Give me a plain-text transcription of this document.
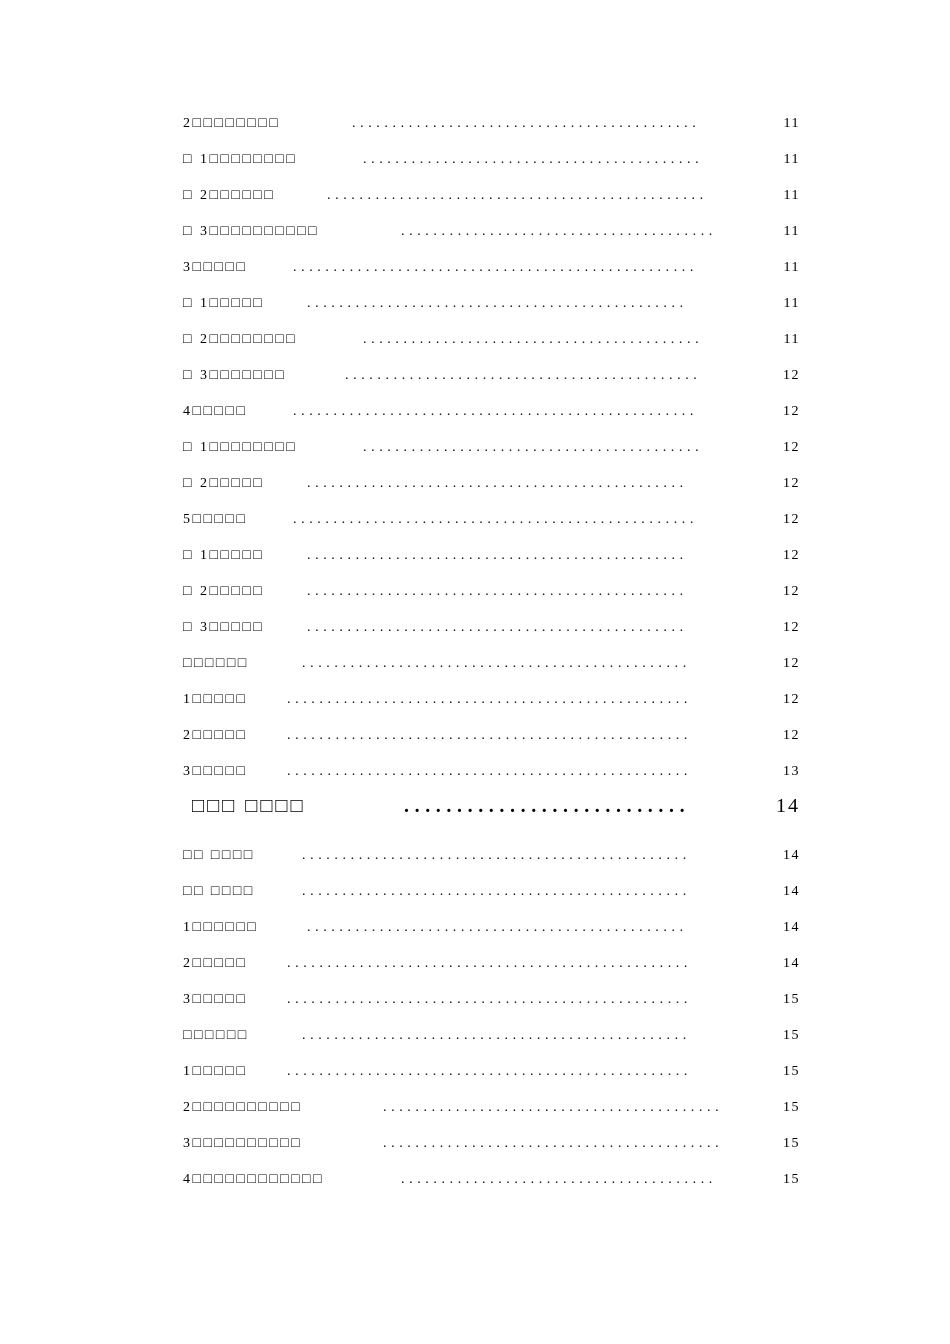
2□□□□□□□□	...........................................	11
□ 1□□□□□□□□	..........................................	11
□ 2□□□□□□	...............................................	11
□ 3□□□□□□□□□□	.......................................	11
3□□□□□	..................................................	11
□ 1□□□□□	...............................................	11
□ 2□□□□□□□□	..........................................	11
□ 3□□□□□□□	............................................	12
4□□□□□	..................................................	12
□ 1□□□□□□□□	..........................................	12
□ 2□□□□□	...............................................	12
5□□□□□	..................................................	12
□ 1□□□□□	...............................................	12
□ 2□□□□□	...............................................	12
□ 3□□□□□	...............................................	12
□□□□□□	................................................	12
1□□□□□	..................................................	12
2□□□□□	..................................................	12
3□□□□□	..................................................	13
□□□ □□□□	...........................	14
□□ □□□□	................................................	14
□□ □□□□	................................................	14
1□□□□□□	...............................................	14
2□□□□□	..................................................	14
3□□□□□	..................................................	15
□□□□□□	................................................	15
1□□□□□	..................................................	15
2□□□□□□□□□□	..........................................	15
3□□□□□□□□□□	..........................................	15
4□□□□□□□□□□□□	.......................................	15
